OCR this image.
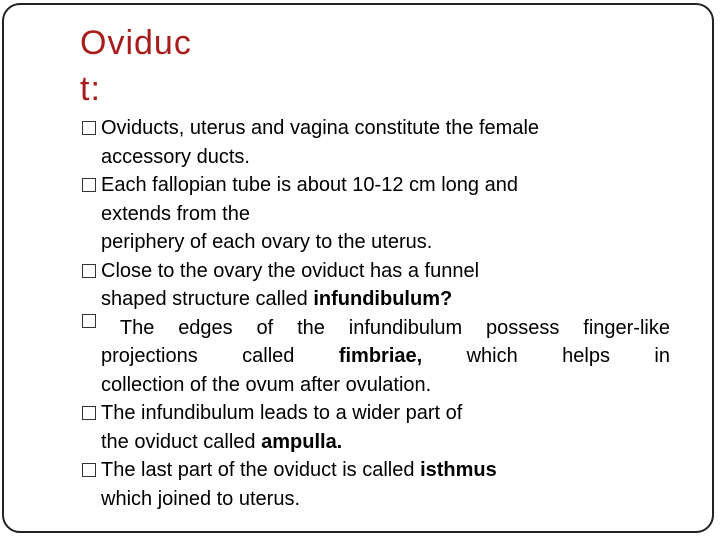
Oviduc
t:
Oviducts, uterus and vagina constitute the female
accessory ducts.
Each fallopian tube is about 10-12 cm long and
extends from the
periphery of each ovary to the uterus.
Close to the ovary the oviduct has a funnel
shaped structure called infundibulum?
The edges of the infundibulum possess finger-like
projections called fimbriae, which helps in
collection of the ovum after ovulation.
The infundibulum leads to a wider part of
the oviduct called ampulla.
The last part of the oviduct is called isthmus
which joined to uterus.
